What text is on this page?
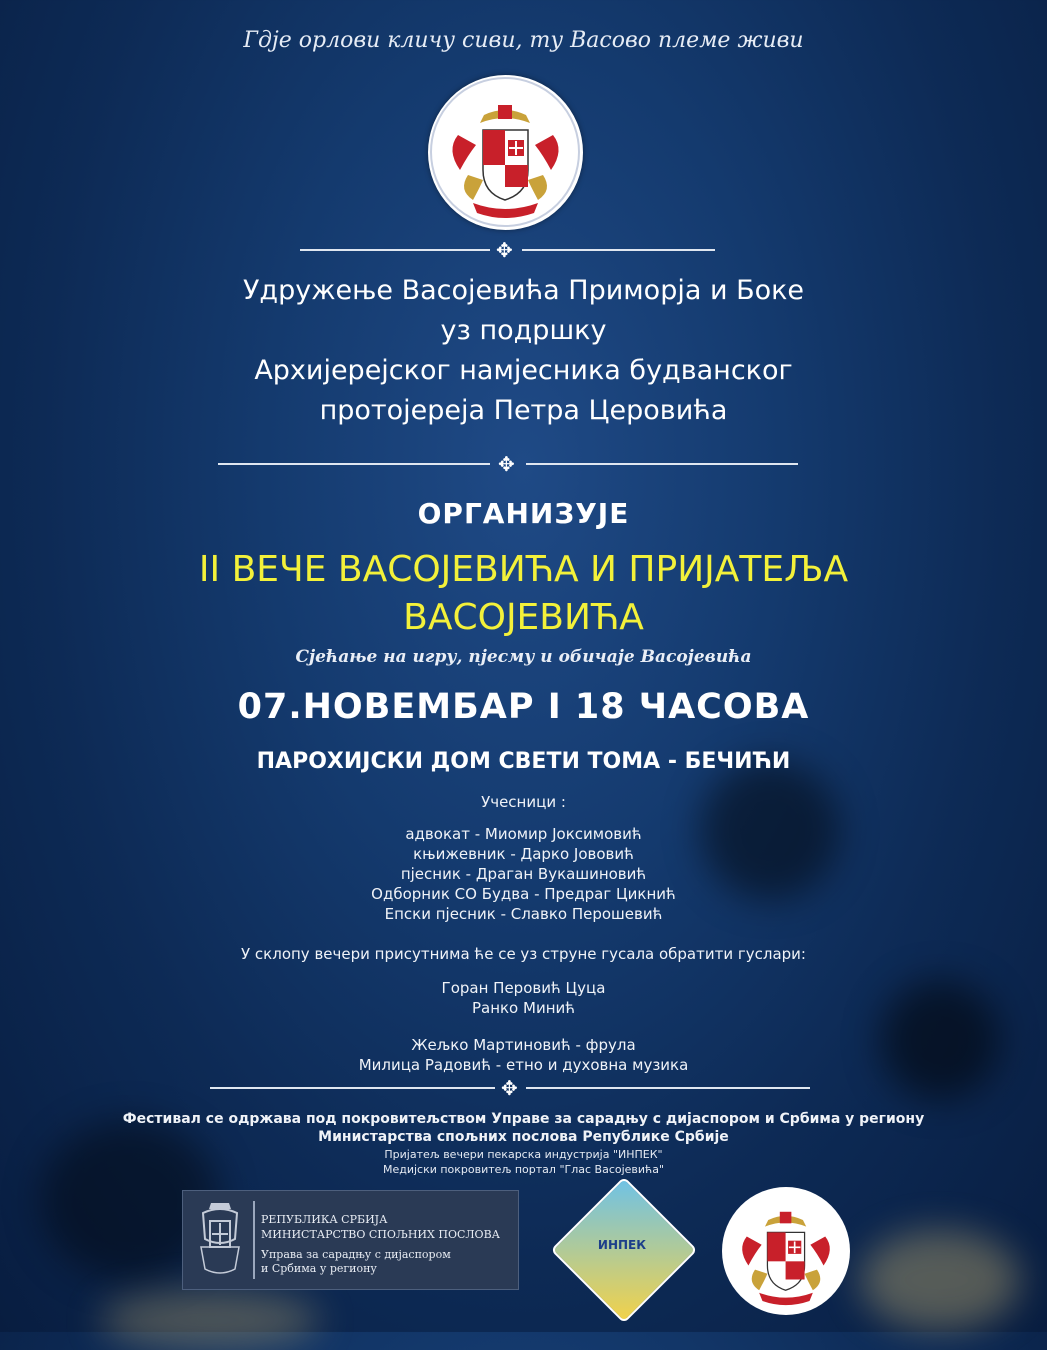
Гдје орлови кличу сиви, ту Васово племе живи
✥
Удружење Васојевића Приморја и Боке
уз подршку
Архијерејског намјесника будванског
протојереја Петра Церовића
✥
ОРГАНИЗУЈЕ
II ВЕЧЕ ВАСОЈЕВИЋА И ПРИЈАТЕЉА
ВАСОЈЕВИЋА
Сјећање на игру, пјесму и обичаје Васојевића
07.НОВЕМБАР I 18 ЧАСОВА
ПАРОХИЈСКИ ДОМ СВЕТИ ТОМА - БЕЧИЋИ
Учесници :
адвокат - Миомир Јоксимовић
књижевник - Дарко Јововић
пјесник - Драган Вукашиновић
Одборник СО Будва - Предраг Цикнић
Епски пјесник - Славко Перошевић
У склопу вечери присутнима ће се уз струне гусала обратити гуслари:
Горан Перовић Цуца
Ранко Минић
Жељко Мартиновић - фрула
Милица Радовић - етно и духовна музика
✥
Фестивал се одржава под покровитељством Управе за сарадњу с дијаспором и Србима у региону
Министарства спољних послова Републике Србије
Пријатељ вечери пекарска индустрија "ИНПЕК"
Медијски покровитељ портал "Глас Васојевића"
РЕПУБЛИКА СРБИЈА
МИНИСТАРСТВО СПОЉНИХ ПОСЛОВА
Управа за сарадњу с дијаспором
и Србима у региону
ИНПЕК
